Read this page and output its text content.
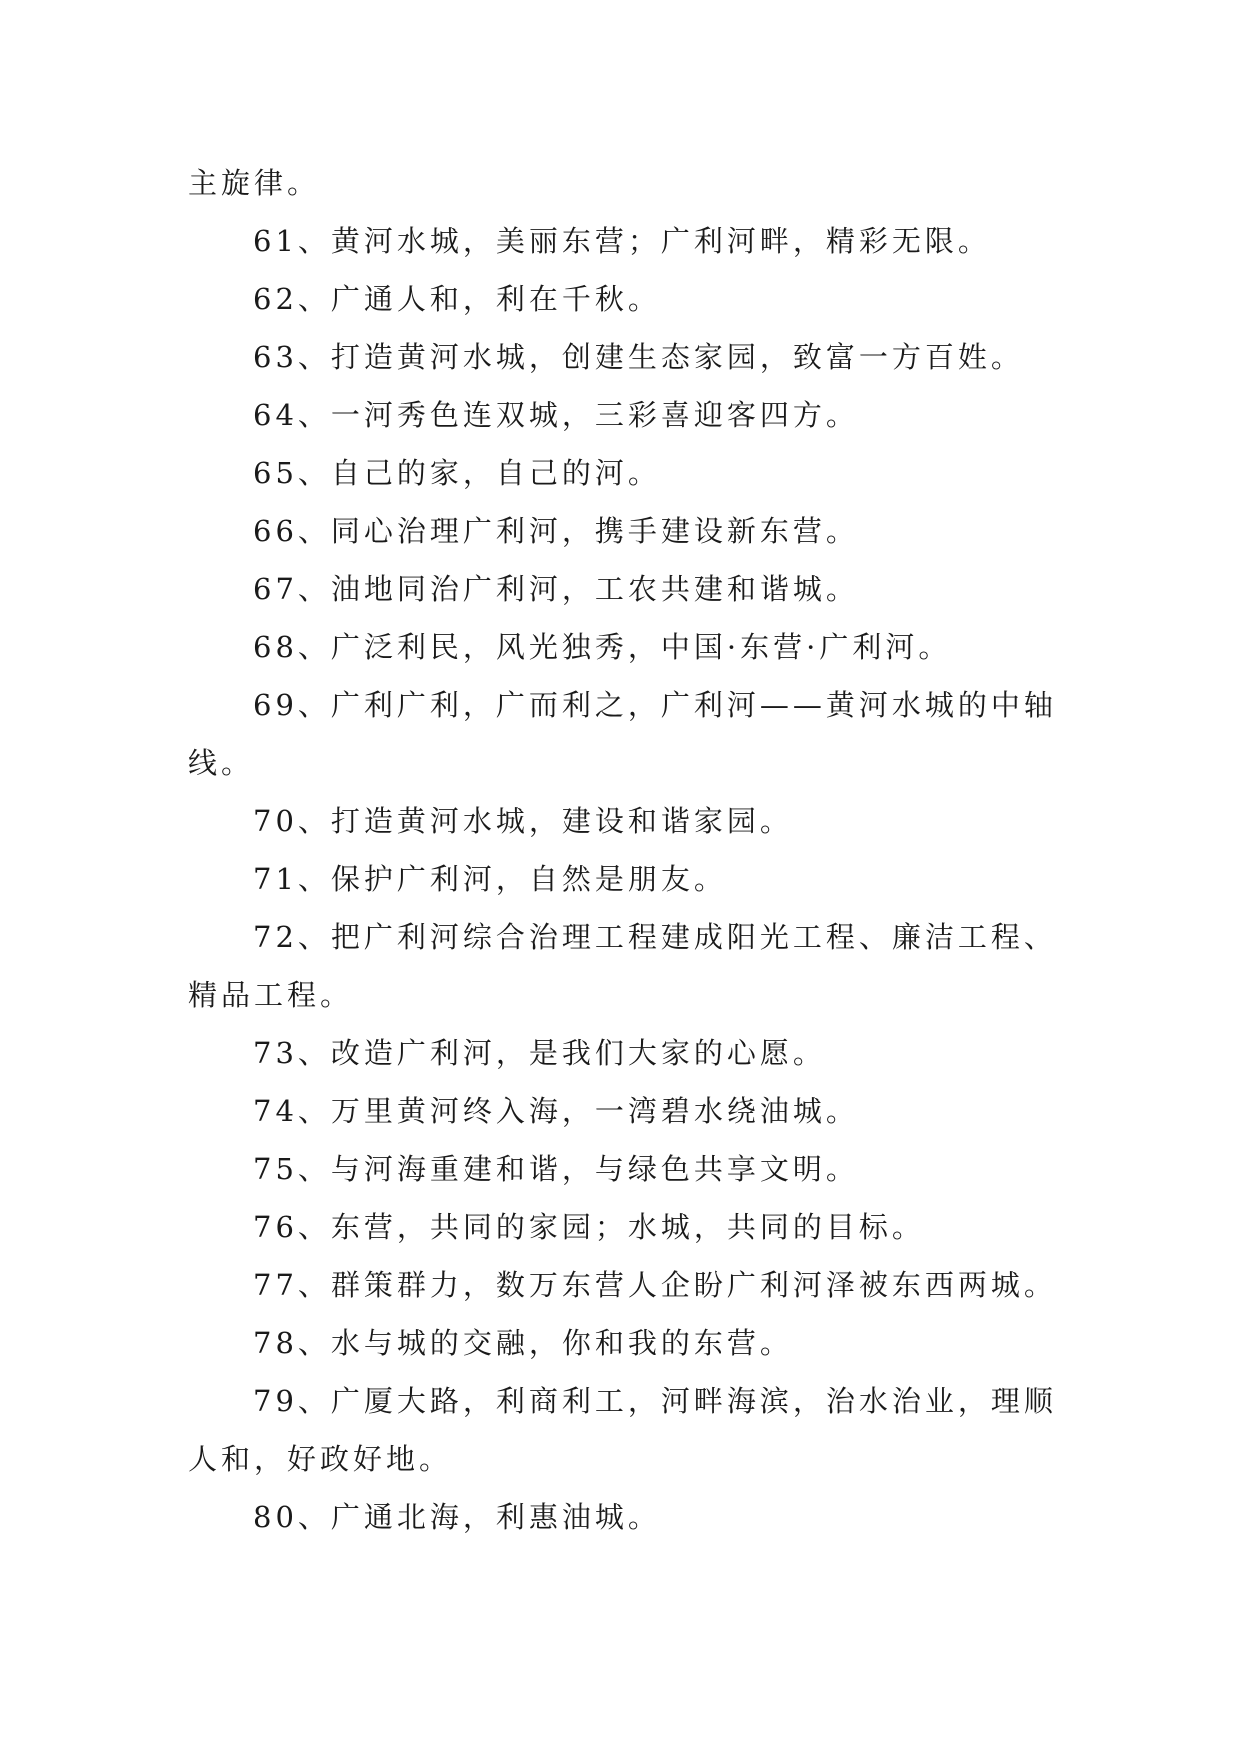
主旋律。
61、黄河水城，美丽东营；广利河畔，精彩无限。
62、广通人和，利在千秋。
63、打造黄河水城，创建生态家园，致富一方百姓。
64、一河秀色连双城，三彩喜迎客四方。
65、自己的家，自己的河。
66、同心治理广利河，携手建设新东营。
67、油地同治广利河，工农共建和谐城。
68、广泛利民，风光独秀，中国·东营·广利河。
69、广利广利，广而利之，广利河——黄河水城的中轴
线。
70、打造黄河水城，建设和谐家园。
71、保护广利河，自然是朋友。
72、把广利河综合治理工程建成阳光工程、廉洁工程、
精品工程。
73、改造广利河，是我们大家的心愿。
74、万里黄河终入海，一湾碧水绕油城。
75、与河海重建和谐，与绿色共享文明。
76、东营，共同的家园；水城，共同的目标。
77、群策群力，数万东营人企盼广利河泽被东西两城。
78、水与城的交融，你和我的东营。
79、广厦大路，利商利工，河畔海滨，治水治业，理顺
人和，好政好地。
80、广通北海，利惠油城。
